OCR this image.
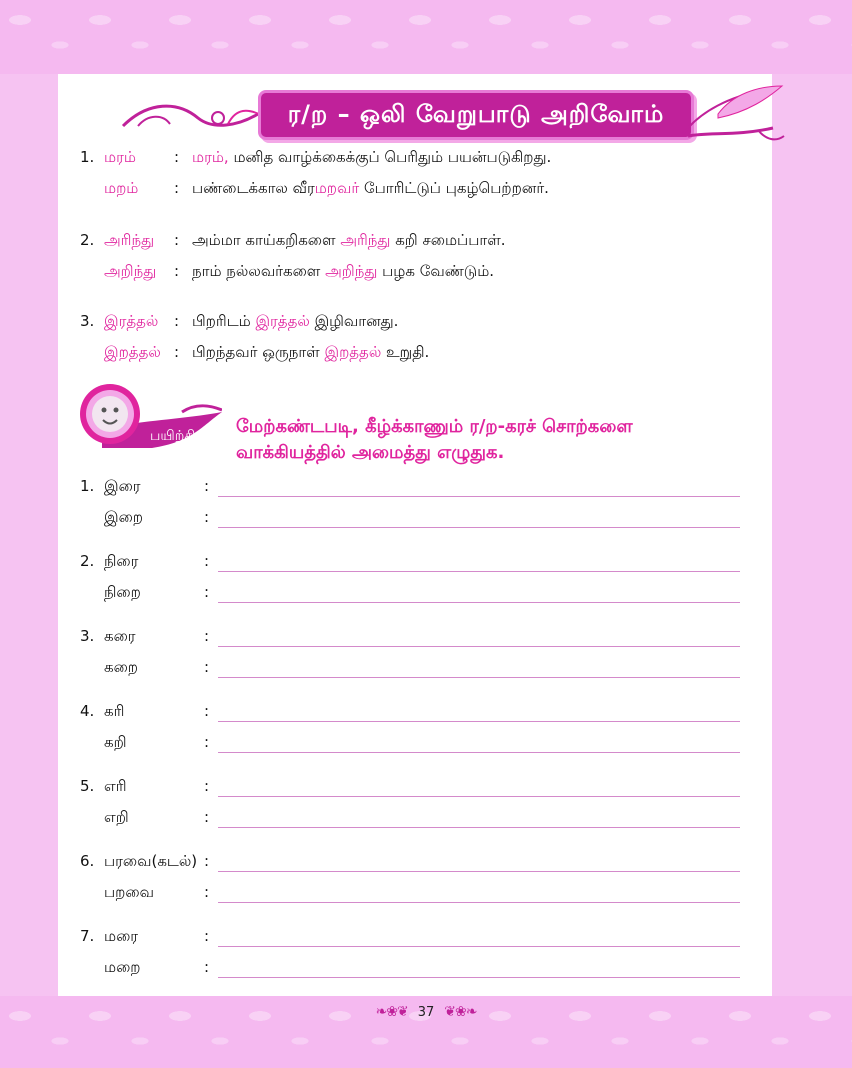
ர/ற – ஒலி வேறுபாடு அறிவோம்
1. மரம்	: மரம், மனித வாழ்க்கைக்குப் பெரிதும் பயன்படுகிறது.
மறம் : பண்டைக்கால வீரமறவர் போரிட்டுப் புகழ்பெற்றனர்.
2. அரிந்து : அம்மா காய்கறிகளை அரிந்து கறி சமைப்பாள்.
அறிந்து : நாம் நல்லவர்களை அறிந்து பழக வேண்டும்.
3. இரத்தல் : பிறரிடம் இரத்தல் இழிவானது.
இறத்தல் : பிறந்தவர் ஒருநாள் இறத்தல் உறுதி.
பயிற்சி மேற்கண்டபடி, கீழ்க்காணும் ர/ற-கரச் சொற்களை
வாக்கியத்தில் அமைத்து எழுதுக.
1. இரை	:
இறை	:
2. நிரை	:
நிறை	:
3. கரை	:
கறை	:
4. கரி	:
கறி	:
5. எரி	:
எறி	:
6. பரவை(கடல்) :
பறவை	:
7. மரை	:
மறை	:
❧❀❦ 37 ❦❀❧
